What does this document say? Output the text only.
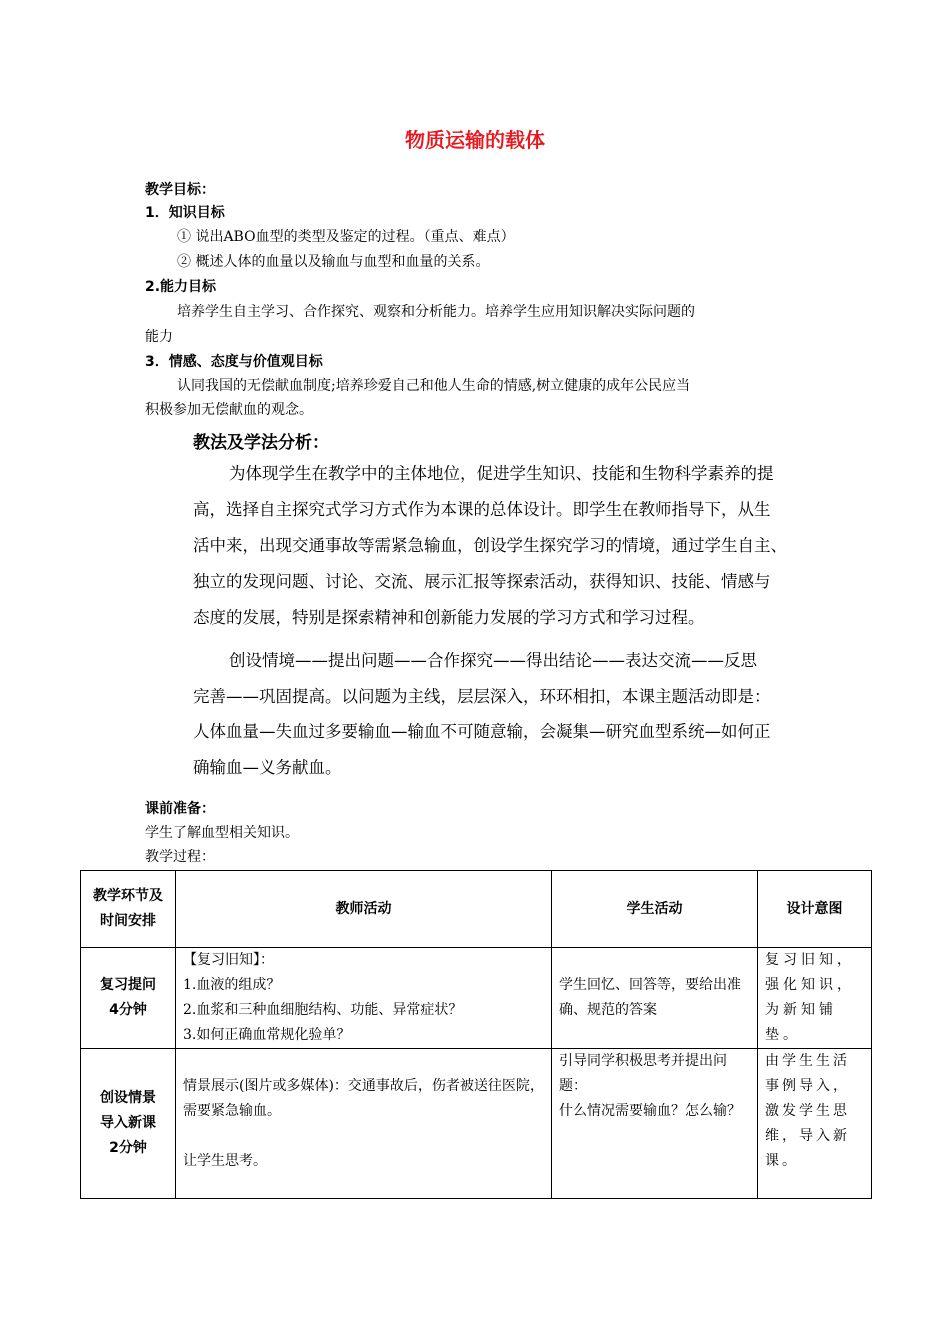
物质运输的载体
教学目标：
1．知识目标
① 说出ABO血型的类型及鉴定的过程。（重点、难点）
② 概述人体的血量以及输血与血型和血量的关系。
2.能力目标
培养学生自主学习、合作探究、观察和分析能力。培养学生应用知识解决实际问题的
能力
3．情感、态度与价值观目标
认同我国的无偿献血制度;培养珍爱自己和他人生命的情感,树立健康的成年公民应当
积极参加无偿献血的观念。
教法及学法分析：
为体现学生在教学中的主体地位，促进学生知识、技能和生物科学素养的提
高，选择自主探究式学习方式作为本课的总体设计。即学生在教师指导下，从生
活中来，出现交通事故等需紧急输血，创设学生探究学习的情境，通过学生自主、
独立的发现问题、讨论、交流、展示汇报等探索活动，获得知识、技能、情感与
态度的发展，特别是探索精神和创新能力发展的学习方式和学习过程。
创设情境——提出问题——合作探究——得出结论——表达交流——反思
完善——巩固提高。以问题为主线，层层深入，环环相扣，本课主题活动即是：
人体血量—失血过多要输血—输血不可随意输，会凝集—研究血型系统—如何正
确输血—义务献血。
课前准备：
学生了解血型相关知识。
教学过程：
教学环节及时间安排	教师活动	学生活动	设计意图

复习提问
4分钟	【复习旧知】：
1.血液的组成？
2.血浆和三种血细胞结构、功能、异常症状？
3.如何正确血常规化验单？	学生回忆、回答等，要给出准确、规范的答案	复习旧知，强化知识，为新知铺垫。

创设情景
导入新课
2分钟	情景展示(图片或多媒体)：交通事故后，伤者被送往医院，需要紧急输血。
让学生思考。	引导同学积极思考并提出问题：
什么情况需要输血？怎么输？	由学生生活事例导入，激发学生思维，导入新课。
